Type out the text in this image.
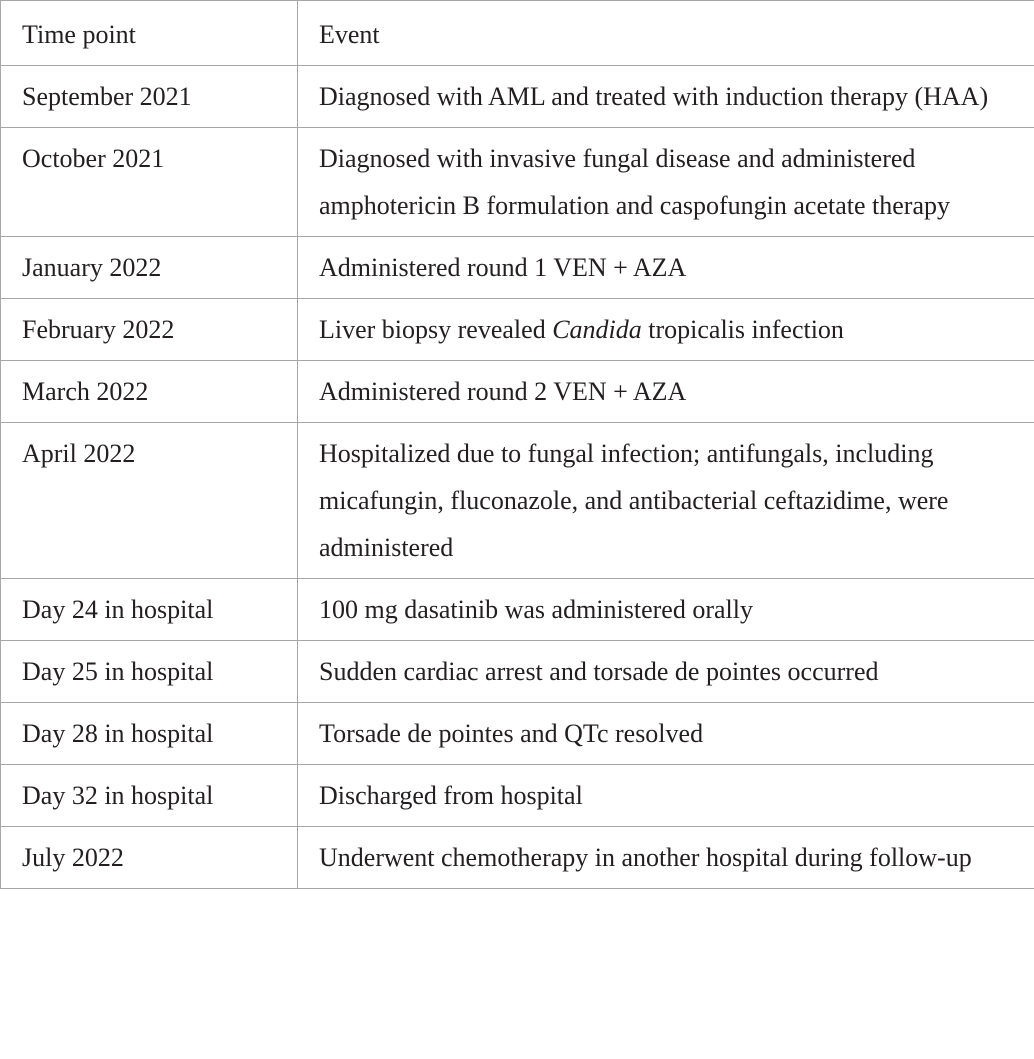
Time point	Event
September 2021	Diagnosed with AML and treated with induction therapy (HAA)
October 2021	Diagnosed with invasive fungal disease and administered amphotericin B formulation and caspofungin acetate therapy
January 2022	Administered round 1 VEN + AZA
February 2022	Liver biopsy revealed Candida tropicalis infection
March 2022	Administered round 2 VEN + AZA
April 2022	Hospitalized due to fungal infection; antifungals, including micafungin, fluconazole, and antibacterial ceftazidime, were administered
Day 24 in hospital	100 mg dasatinib was administered orally
Day 25 in hospital	Sudden cardiac arrest and torsade de pointes occurred
Day 28 in hospital	Torsade de pointes and QTc resolved
Day 32 in hospital	Discharged from hospital
July 2022	Underwent chemotherapy in another hospital during follow-up
